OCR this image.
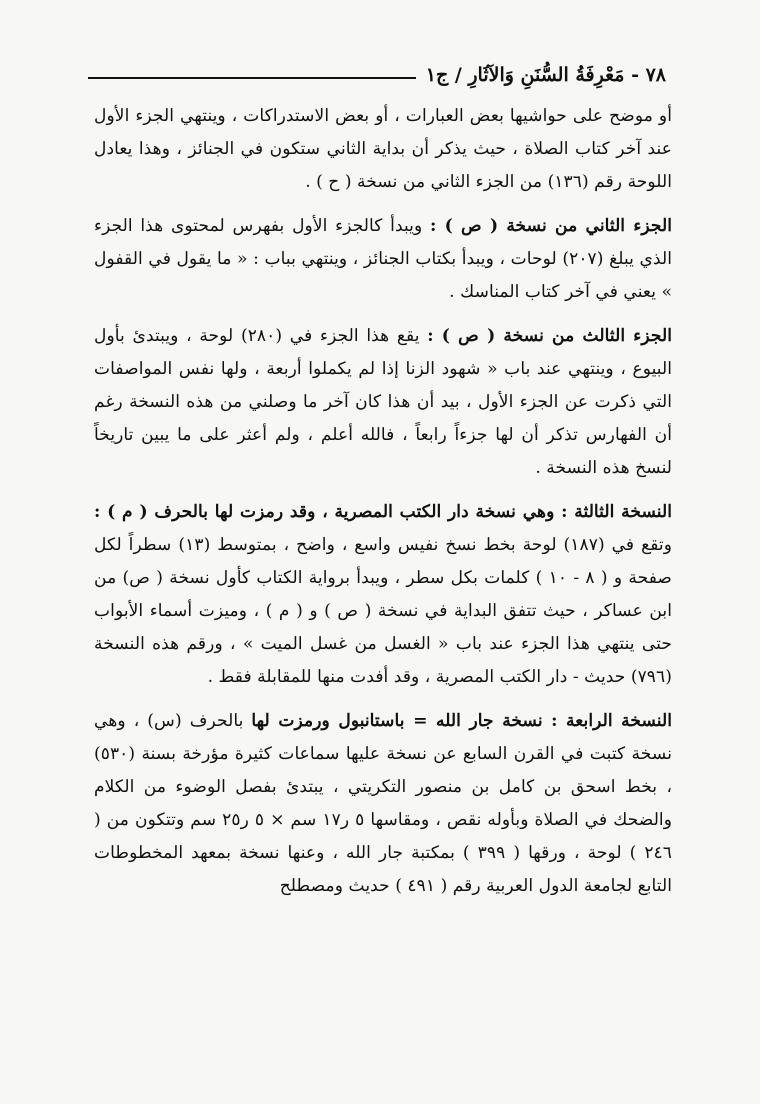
٧٨ - مَعْرِفَةُ السُّنَنِ وَالآثَارِ / ج١

أو موضح على حواشيها بعض العبارات ، أو بعض الاستدراكات ، وينتهي الجزء الأول عند آخر كتاب الصلاة ، حيث يذكر أن بداية الثاني ستكون في الجنائز ، وهذا يعادل اللوحة رقم (١٣٦) من الجزء الثاني من نسخة ( ح ) .

الجزء الثاني من نسخة ( ص ) : ويبدأ كالجزء الأول بفهرس لمحتوى هذا الجزء الذي يبلغ (٢٠٧) لوحات ، ويبدأ بكتاب الجنائز ، وينتهي بباب : « ما يقول في القفول » يعني في آخر كتاب المناسك .

الجزء الثالث من نسخة ( ص ) : يقع هذا الجزء في (٢٨٠) لوحة ، ويبتدئ بأول البيوع ، وينتهي عند باب « شهود الزنا إذا لم يكملوا أربعة ، ولها نفس المواصفات التي ذكرت عن الجزء الأول ، بيد أن هذا كان آخر ما وصلني من هذه النسخة رغم أن الفهارس تذكر أن لها جزءاً رابعاً ، فالله أعلم ، ولم أعثر على ما يبين تاريخاً لنسخ هذه النسخة .

النسخة الثالثة : وهي نسخة دار الكتب المصرية ، وقد رمزت لها بالحرف ( م ) : وتقع في (١٨٧) لوحة بخط نسخ نفيس واسع ، واضح ، بمتوسط (١٣) سطراً لكل صفحة و ( ٨ - ١٠ ) كلمات بكل سطر ، ويبدأ برواية الكتاب كأول نسخة ( ص) من ابن عساكر ، حيث تتفق البداية في نسخة ( ص ) و ( م ) ، وميزت أسماء الأبواب حتى ينتهي هذا الجزء عند باب « الغسل من غسل الميت » ، ورقم هذه النسخة (٧٩٦) حديث - دار الكتب المصرية ، وقد أفدت منها للمقابلة فقط .

النسخة الرابعة : نسخة جار الله = باستانبول ورمزت لها بالحرف (س) ، وهي نسخة كتبت في القرن السابع عن نسخة عليها سماعات كثيرة مؤرخة بسنة (٥٣٠) ، بخط اسحق بن كامل بن منصور التكريتي ، يبتدئ بفصل الوضوء من الكلام والضحك في الصلاة وبأوله نقص ، ومقاسها ٥ ر١٧ سم × ٥ ر٢٥ سم وتتكون من ( ٢٤٦ ) لوحة ، ورقها ( ٣٩٩ ) بمكتبة جار الله ، وعنها نسخة بمعهد المخطوطات التابع لجامعة الدول العربية رقم ( ٤٩١ ) حديث ومصطلح
